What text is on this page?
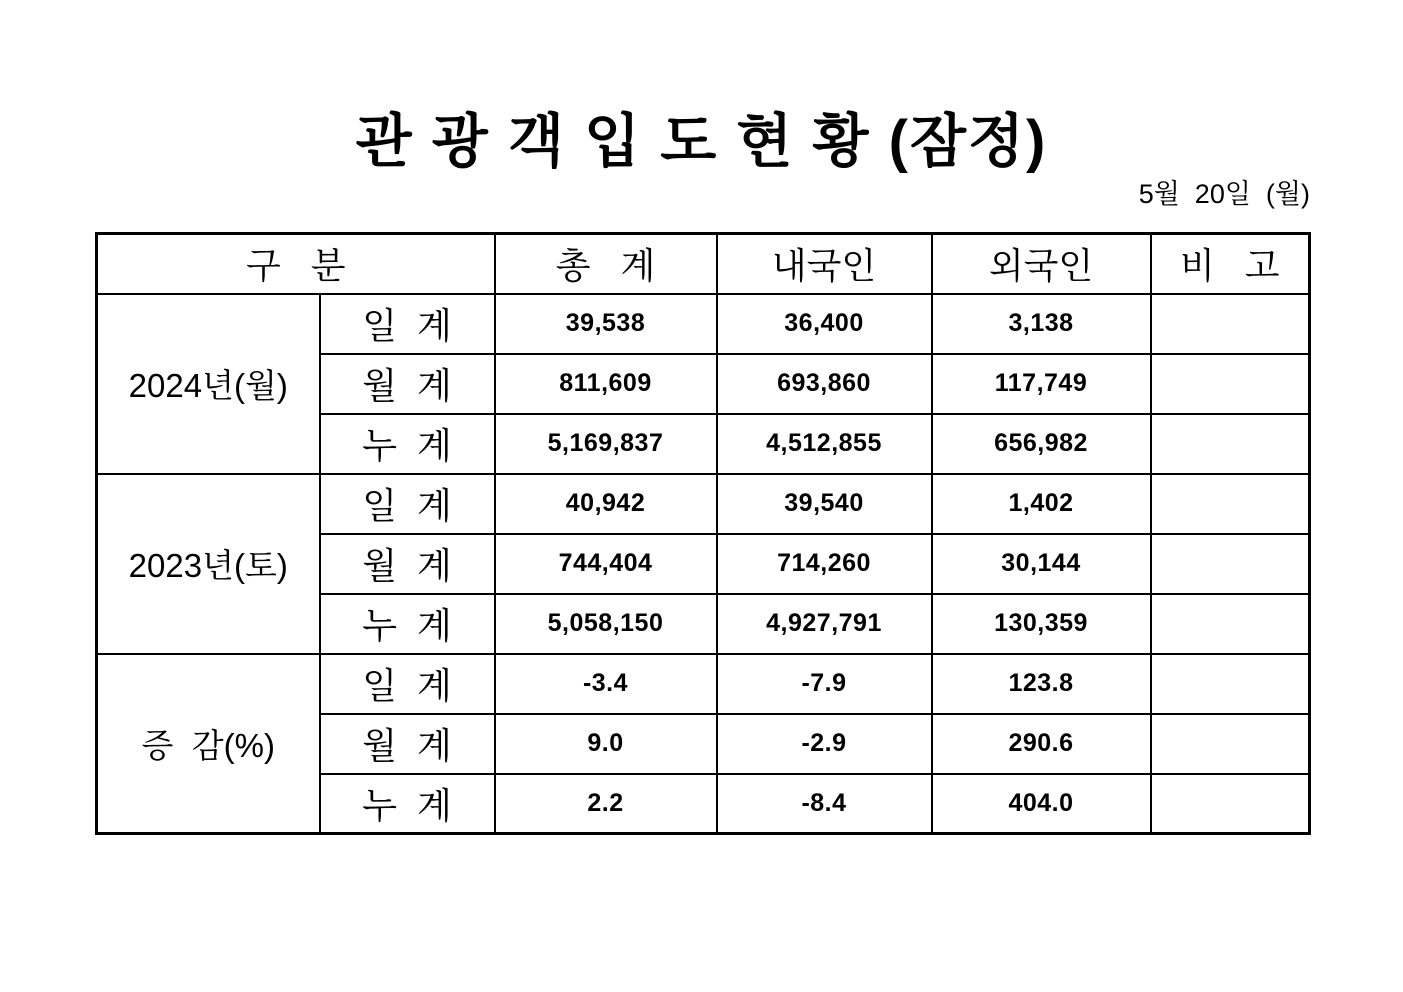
관 광 객 입 도 현 황 (잠정)
5월  20일  (월)
구   분		총   계	내국인	외국인	비   고
2024년(월)	일  계	39,538	36,400	3,138	
	월  계	811,609	693,860	117,749	
	누  계	5,169,837	4,512,855	656,982	
2023년(토)	일  계	40,942	39,540	1,402	
	월  계	744,404	714,260	30,144	
	누  계	5,058,150	4,927,791	130,359	
증  감(%)	일  계	-3.4	-7.9	123.8	
	월  계	9.0	-2.9	290.6	
	누  계	2.2	-8.4	404.0	
